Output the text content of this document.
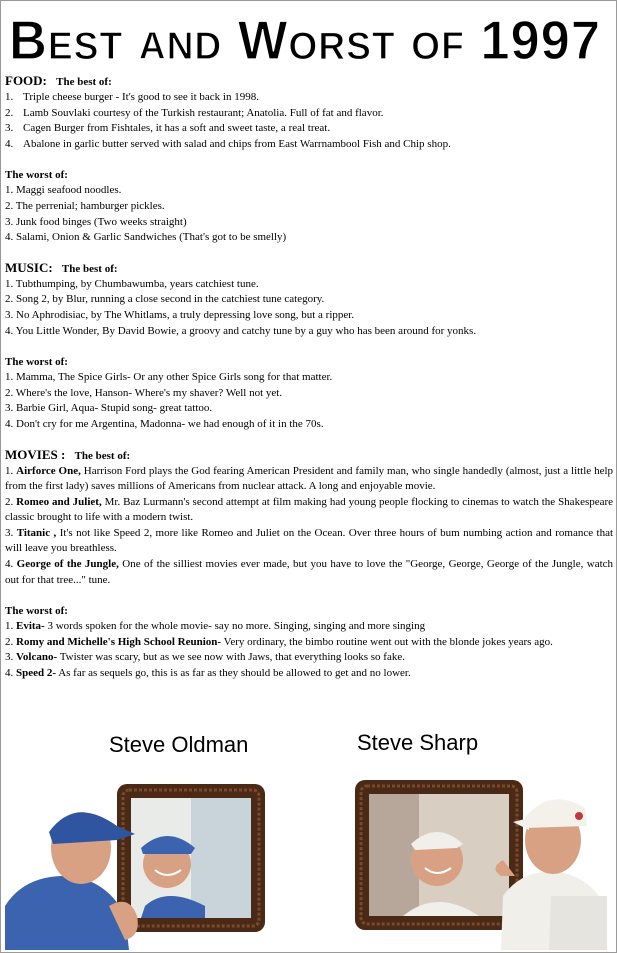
Best and Worst of 1997
FOOD: The best of:
1. Triple cheese burger - It's good to see it back in 1998.
2. Lamb Souvlaki courtesy of the Turkish restaurant; Anatolia. Full of fat and flavor.
3. Cagen Burger from Fishtales, it has a soft and sweet taste, a real treat.
4. Abalone in garlic butter served with salad and chips from East Warrnambool Fish and Chip shop.
The worst of:
1. Maggi seafood noodles.
2. The perrenial; hamburger pickles.
3. Junk food binges (Two weeks straight)
4. Salami, Onion & Garlic Sandwiches (That's got to be smelly)
MUSIC: The best of:
1. Tubthumping, by Chumbawumba, years catchiest tune.
2. Song 2, by Blur, running a close second in the catchiest tune category.
3. No Aphrodisiac, by The Whitlams, a truly depressing love song, but a ripper.
4. You Little Wonder, By David Bowie, a groovy and catchy tune by a guy who has been around for yonks.
The worst of:
1. Mamma, The Spice Girls- Or any other Spice Girls song for that matter.
2. Where's the love, Hanson- Where's my shaver? Well not yet.
3. Barbie Girl, Aqua- Stupid song- great tattoo.
4. Don't cry for me Argentina, Madonna- we had enough of it in the 70s.
MOVIES : The best of:
1. Airforce One, Harrison Ford plays the God fearing American President and family man, who single handedly (almost, just a little help from the first lady) saves millions of Americans from nuclear attack. A long and enjoyable movie.
2. Romeo and Juliet, Mr. Baz Lurmann's second attempt at film making had young people flocking to cinemas to watch the Shakespeare classic brought to life with a modern twist.
3. Titanic , It's not like Speed 2, more like Romeo and Juliet on the Ocean. Over three hours of bum numbing action and romance that will leave you breathless.
4. George of the Jungle, One of the silliest movies ever made, but you have to love the "George, George, George of the Jungle, watch out for that tree..." tune.
The worst of:
1. Evita- 3 words spoken for the whole movie- say no more. Singing, singing and more singing
2. Romy and Michelle's High School Reunion- Very ordinary, the bimbo routine went out with the blonde jokes years ago.
3. Volcano- Twister was scary, but as we see now with Jaws, that everything looks so fake.
4. Speed 2- As far as sequels go, this is as far as they should be allowed to get and no lower.
Steve Oldman	Steve Sharp
